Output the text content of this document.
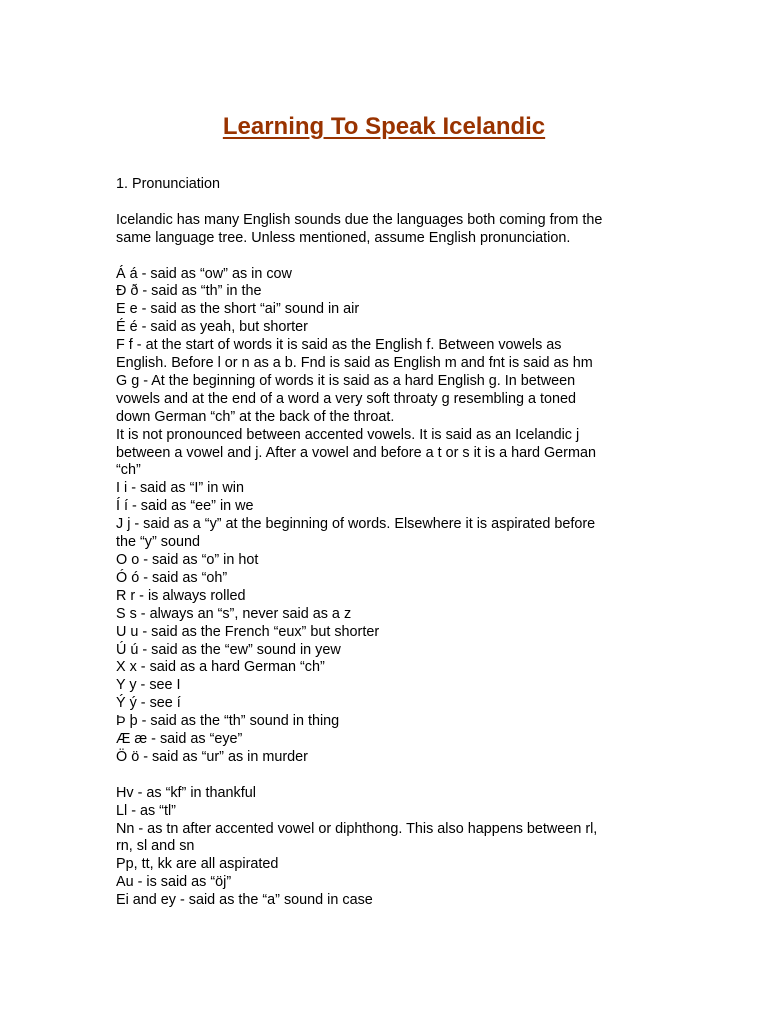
Learning To Speak Icelandic

1. Pronunciation

Icelandic has many English sounds due the languages both coming from the

same language tree. Unless mentioned, assume English pronunciation.

Á á - said as “ow” as in cow

Ð ð - said as “th” in the

E e - said as the short “ai” sound in air

É é - said as yeah, but shorter

F f - at the start of words it is said as the English f. Between vowels as

English. Before l or n as a b. Fnd is said as English m and fnt is said as hm

G g - At the beginning of words it is said as a hard English g. In between

vowels and at the end of a word a very soft throaty g resembling a toned

down German “ch” at the back of the throat.

It is not pronounced between accented vowels. It is said as an Icelandic j

between a vowel and j. After a vowel and before a t or s it is a hard German

“ch”

I i - said as “I” in win

Í í - said as “ee” in we

J j - said as a “y” at the beginning of words. Elsewhere it is aspirated before

the “y” sound

O o - said as “o” in hot

Ó ó - said as “oh”

R r - is always rolled

S s - always an “s”, never said as a z

U u - said as the French “eux” but shorter

Ú ú - said as the “ew” sound in yew

X x - said as a hard German “ch”

Y y - see I

Ý ý - see í

Þ þ - said as the “th” sound in thing

Æ æ - said as “eye”

Ö ö - said as “ur” as in murder

Hv - as “kf” in thankful

Ll - as “tl”

Nn - as tn after accented vowel or diphthong. This also happens between rl,

rn, sl and sn

Pp, tt, kk are all aspirated

Au - is said as “öj”

Ei and ey - said as the “a” sound in case
